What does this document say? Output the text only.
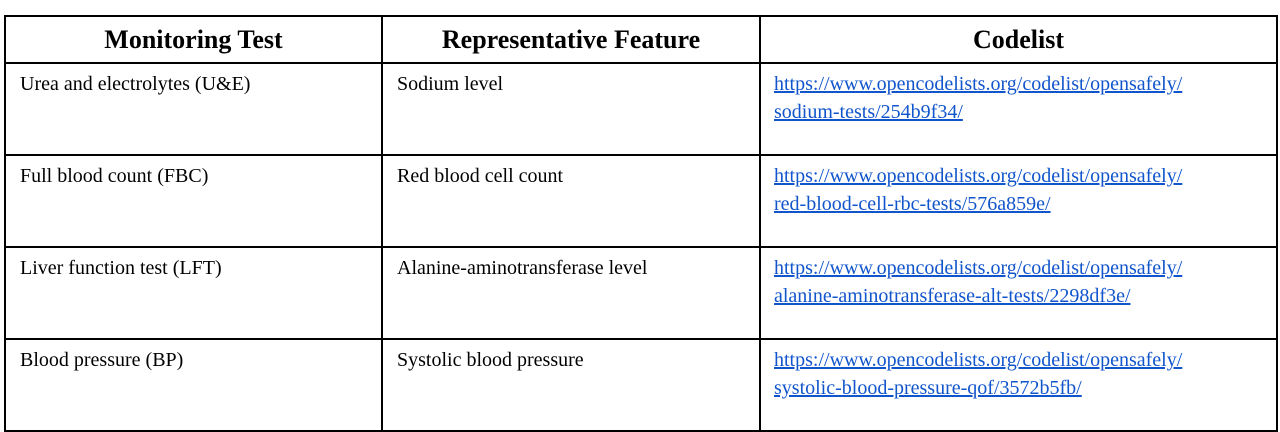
Monitoring Test	Representative Feature	Codelist
Urea and electrolytes (U&E)	Sodium level	https://www.opencodelists.org/codelist/opensafely/
sodium-tests/254b9f34/
Full blood count (FBC)	Red blood cell count	https://www.opencodelists.org/codelist/opensafely/
red-blood-cell-rbc-tests/576a859e/
Liver function test (LFT)	Alanine-aminotransferase level	https://www.opencodelists.org/codelist/opensafely/
alanine-aminotransferase-alt-tests/2298df3e/
Blood pressure (BP)	Systolic blood pressure	https://www.opencodelists.org/codelist/opensafely/
systolic-blood-pressure-qof/3572b5fb/
